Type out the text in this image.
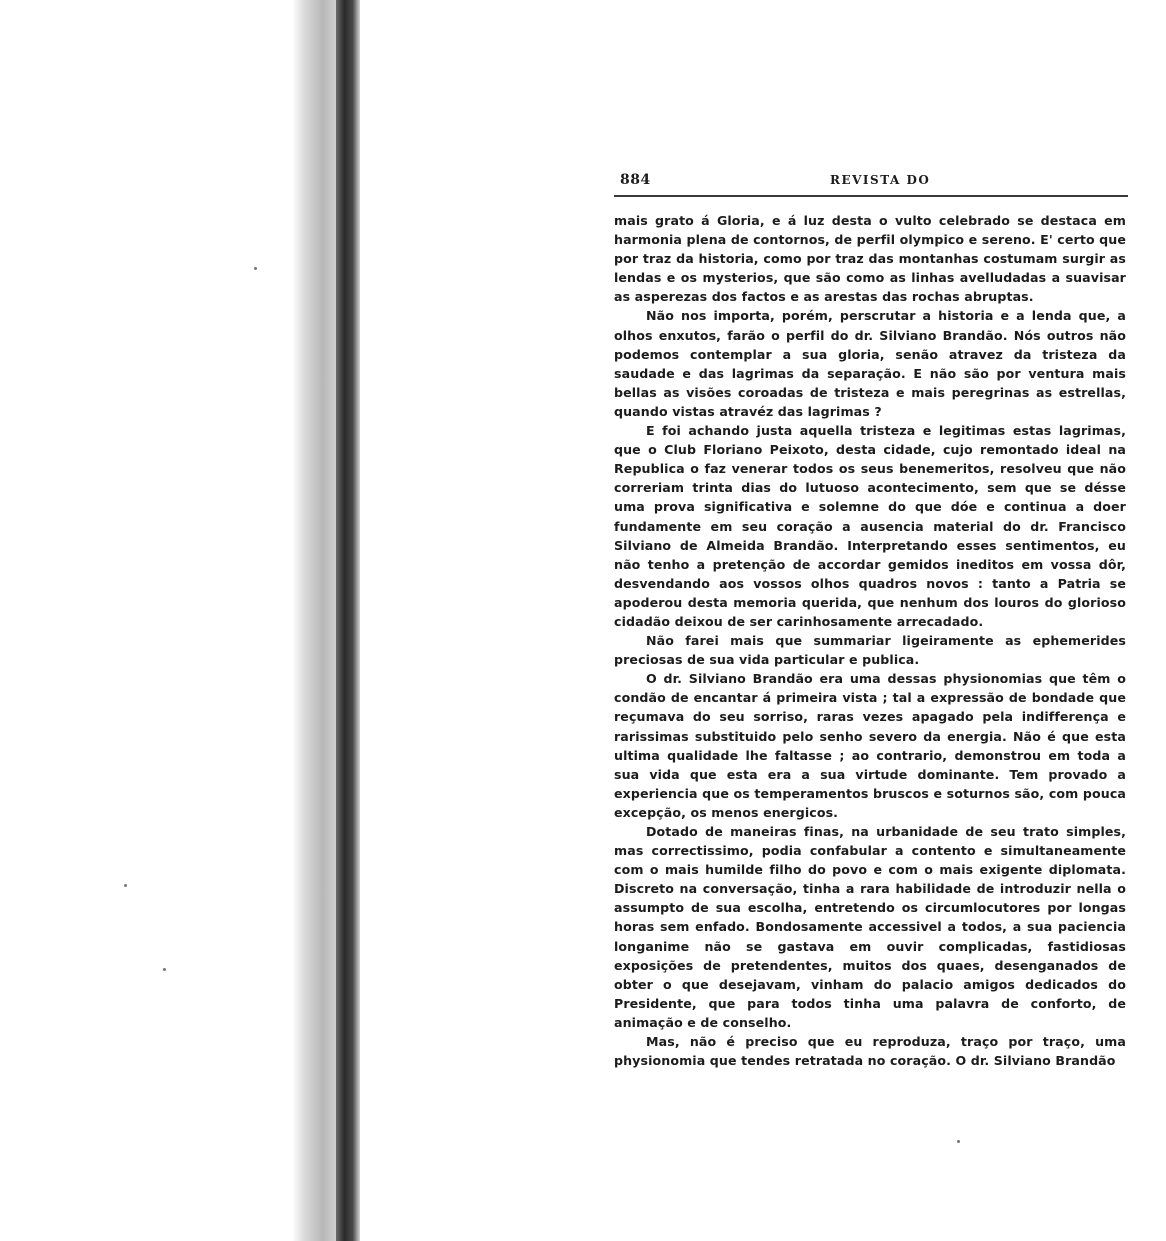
884	REVISTA DO

mais grato á Gloria, e á luz desta o vulto celebrado se destaca em harmonia plena de contornos, de perfil olympico e sereno. E' certo que por traz da historia, como por traz das montanhas costumam surgir as lendas e os mysterios, que são como as linhas avelludadas a suavisar as asperezas dos factos e as arestas das rochas abruptas.

Não nos importa, porém, perscrutar a historia e a lenda que, a olhos enxutos, farão o perfil do dr. Silviano Brandão. Nós outros não podemos contemplar a sua gloria, senão atravez da tristeza da saudade e das lagrimas da separação. E não são por ventura mais bellas as visões coroadas de tristeza e mais peregrinas as estrellas, quando vistas atravéz das lagrimas ?

E foi achando justa aquella tristeza e legitimas estas lagrimas, que o Club Floriano Peixoto, desta cidade, cujo remontado ideal na Republica o faz venerar todos os seus benemeritos, resolveu que não correriam trinta dias do lutuoso acontecimento, sem que se désse uma prova significativa e solemne do que dóe e continua a doer fundamente em seu coração a ausencia material do dr. Francisco Silviano de Almeida Brandão. Interpretando esses sentimentos, eu não tenho a pretenção de accordar gemidos ineditos em vossa dôr, desvendando aos vossos olhos quadros novos : tanto a Patria se apoderou desta memoria querida, que nenhum dos louros do glorioso cidadão deixou de ser carinhosamente arrecadado.

Não farei mais que summariar ligeiramente as ephemerides preciosas de sua vida particular e publica.

O dr. Silviano Brandão era uma dessas physionomias que têm o condão de encantar á primeira vista ; tal a expressão de bondade que reçumava do seu sorriso, raras vezes apagado pela indifferença e rarissimas substituido pelo senho severo da energia. Não é que esta ultima qualidade lhe faltasse ; ao contrario, demonstrou em toda a sua vida que esta era a sua virtude dominante. Tem provado a experiencia que os temperamentos bruscos e soturnos são, com pouca excepção, os menos energicos.

Dotado de maneiras finas, na urbanidade de seu trato simples, mas correctissimo, podia confabular a contento e simultaneamente com o mais humilde filho do povo e com o mais exigente diplomata. Discreto na conversação, tinha a rara habilidade de introduzir nella o assumpto de sua escolha, entretendo os circumlocutores por longas horas sem enfado. Bondosamente accessivel a todos, a sua paciencia longanime não se gastava em ouvir complicadas, fastidiosas exposições de pretendentes, muitos dos quaes, desenganados de obter o que desejavam, vinham do palacio amigos dedicados do Presidente, que para todos tinha uma palavra de conforto, de animação e de conselho.

Mas, não é preciso que eu reproduza, traço por traço, uma physionomia que tendes retratada no coração. O dr. Silviano Brandão
